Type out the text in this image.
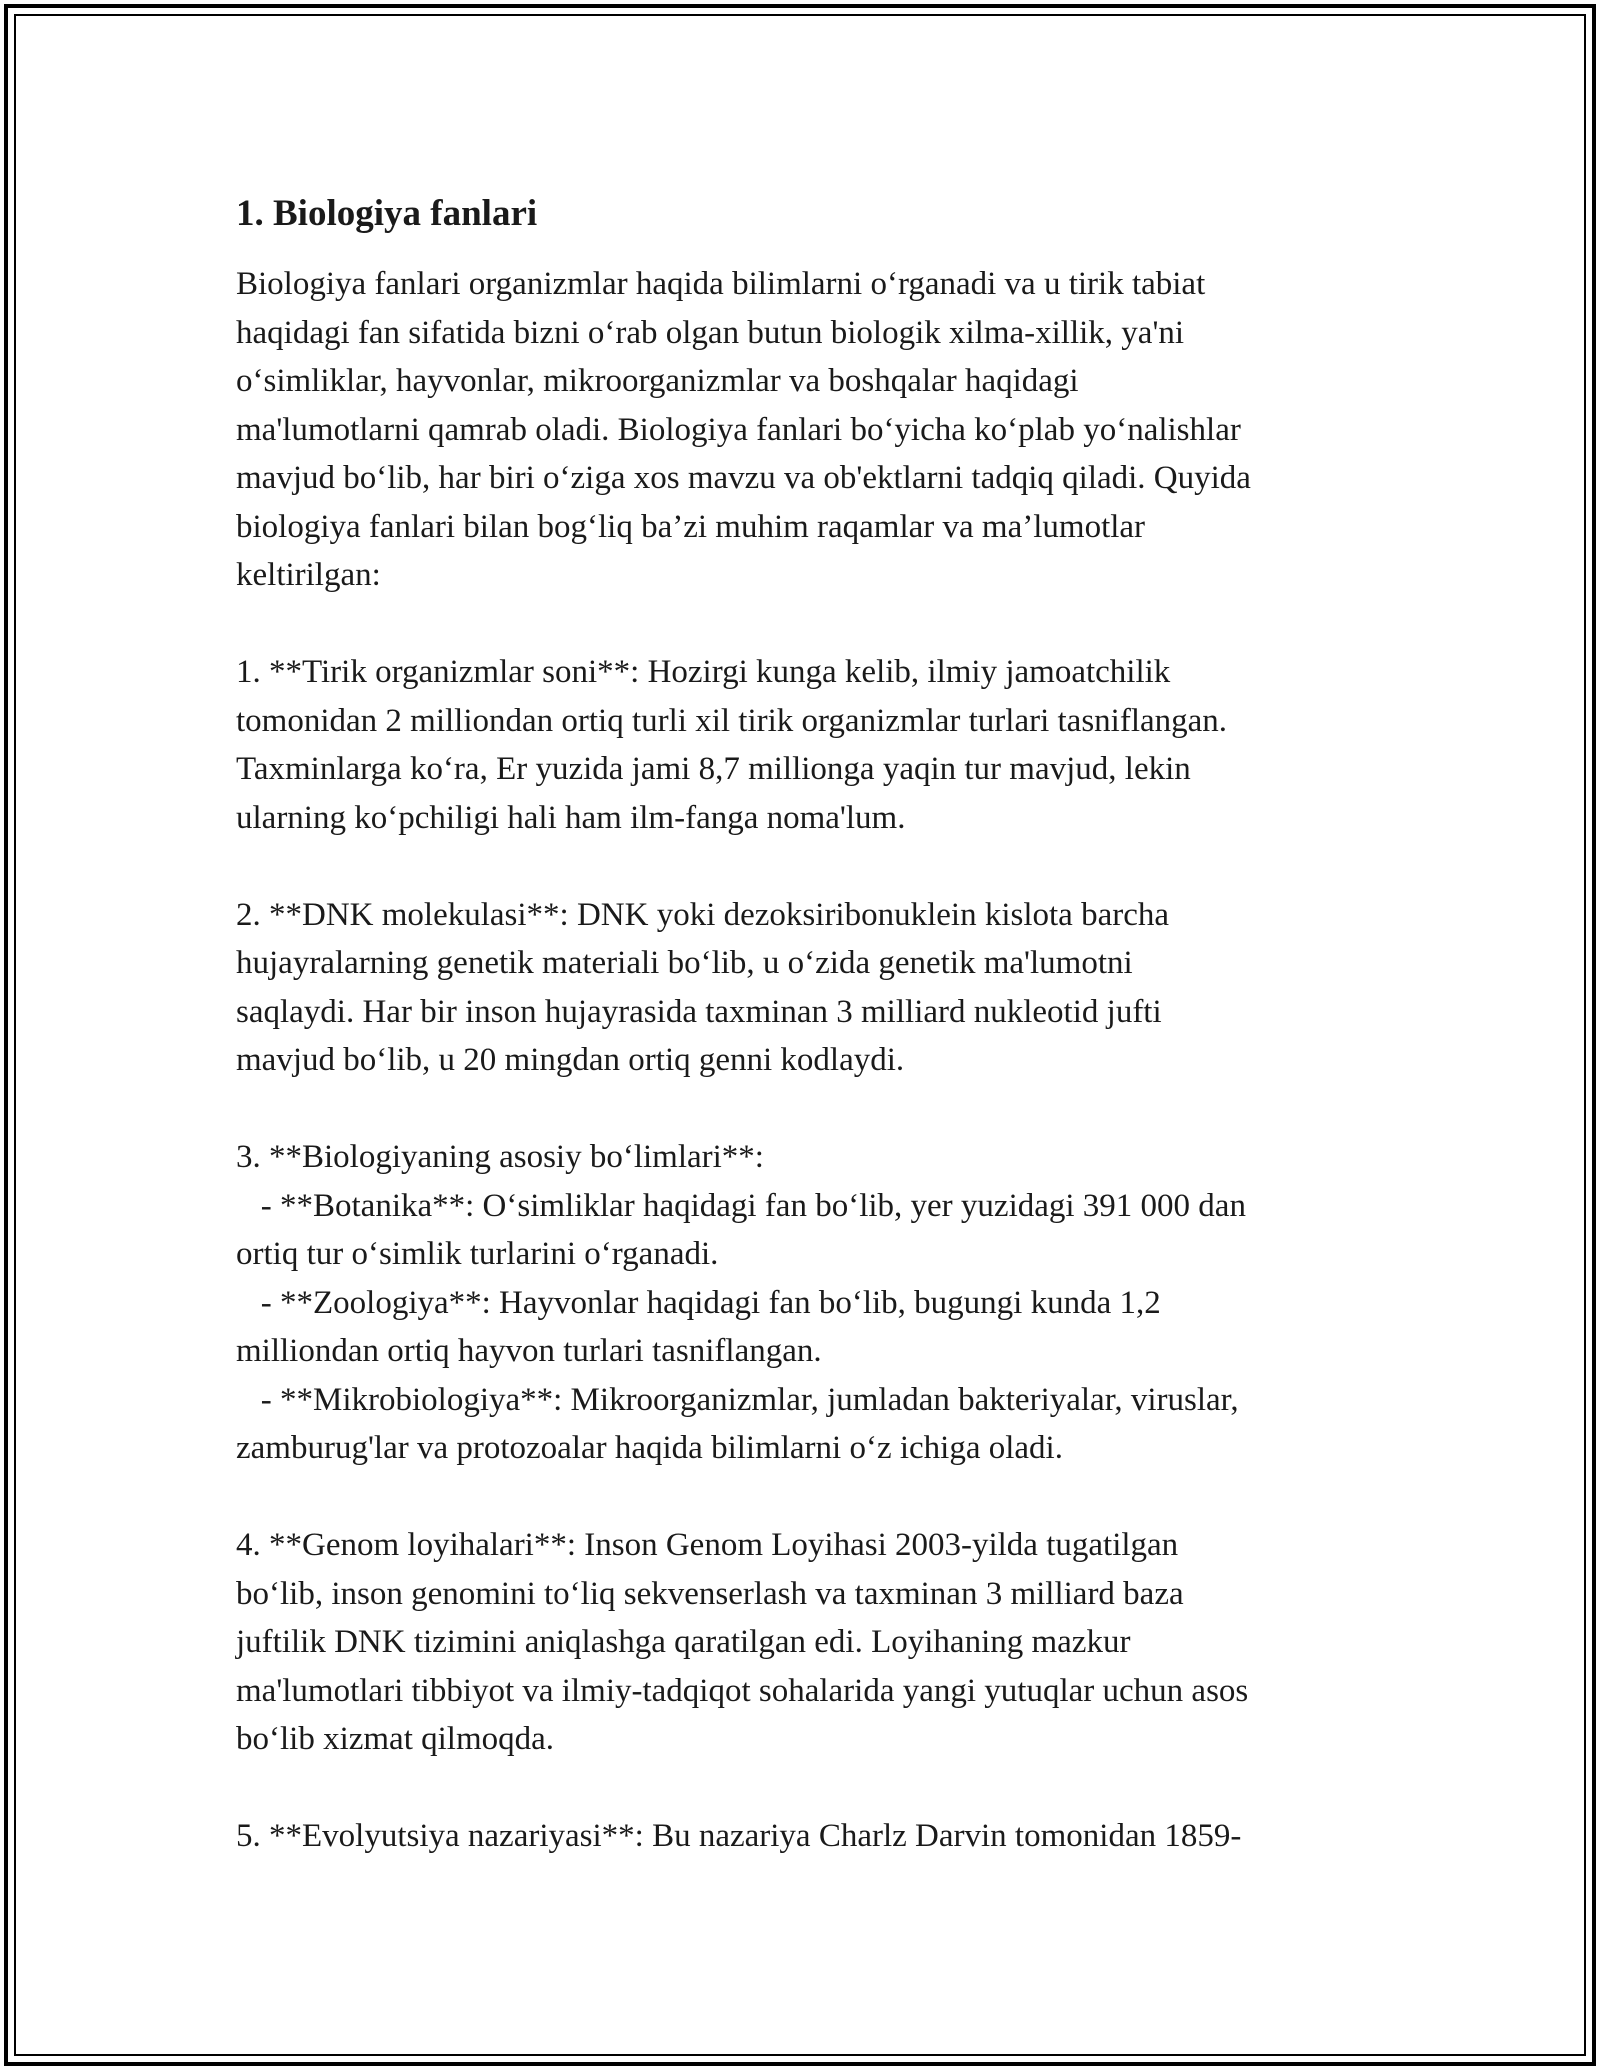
1. Biologiya fanlari

Biologiya fanlari organizmlar haqida bilimlarni o‘rganadi va u tirik tabiat
haqidagi fan sifatida bizni o‘rab olgan butun biologik xilma-xillik, ya'ni
o‘simliklar, hayvonlar, mikroorganizmlar va boshqalar haqidagi
ma'lumotlarni qamrab oladi. Biologiya fanlari bo‘yicha ko‘plab yo‘nalishlar
mavjud bo‘lib, har biri o‘ziga xos mavzu va ob'ektlarni tadqiq qiladi. Quyida
biologiya fanlari bilan bog‘liq ba’zi muhim raqamlar va ma’lumotlar
keltirilgan:

1. **Tirik organizmlar soni**: Hozirgi kunga kelib, ilmiy jamoatchilik
tomonidan 2 milliondan ortiq turli xil tirik organizmlar turlari tasniflangan.
Taxminlarga ko‘ra, Er yuzida jami 8,7 millionga yaqin tur mavjud, lekin
ularning ko‘pchiligi hali ham ilm-fanga noma'lum.

2. **DNK molekulasi**: DNK yoki dezoksiribonuklein kislota barcha
hujayralarning genetik materiali bo‘lib, u o‘zida genetik ma'lumotni
saqlaydi. Har bir inson hujayrasida taxminan 3 milliard nukleotid jufti
mavjud bo‘lib, u 20 mingdan ortiq genni kodlaydi.

3. **Biologiyaning asosiy bo‘limlari**:
- **Botanika**: O‘simliklar haqidagi fan bo‘lib, yer yuzidagi 391 000 dan
ortiq tur o‘simlik turlarini o‘rganadi.
- **Zoologiya**: Hayvonlar haqidagi fan bo‘lib, bugungi kunda 1,2
milliondan ortiq hayvon turlari tasniflangan.
- **Mikrobiologiya**: Mikroorganizmlar, jumladan bakteriyalar, viruslar,
zamburug'lar va protozoalar haqida bilimlarni o‘z ichiga oladi.

4. **Genom loyihalari**: Inson Genom Loyihasi 2003-yilda tugatilgan
bo‘lib, inson genomini to‘liq sekvenserlash va taxminan 3 milliard baza
juftilik DNK tizimini aniqlashga qaratilgan edi. Loyihaning mazkur
ma'lumotlari tibbiyot va ilmiy-tadqiqot sohalarida yangi yutuqlar uchun asos
bo‘lib xizmat qilmoqda.

5. **Evolyutsiya nazariyasi**: Bu nazariya Charlz Darvin tomonidan 1859-
